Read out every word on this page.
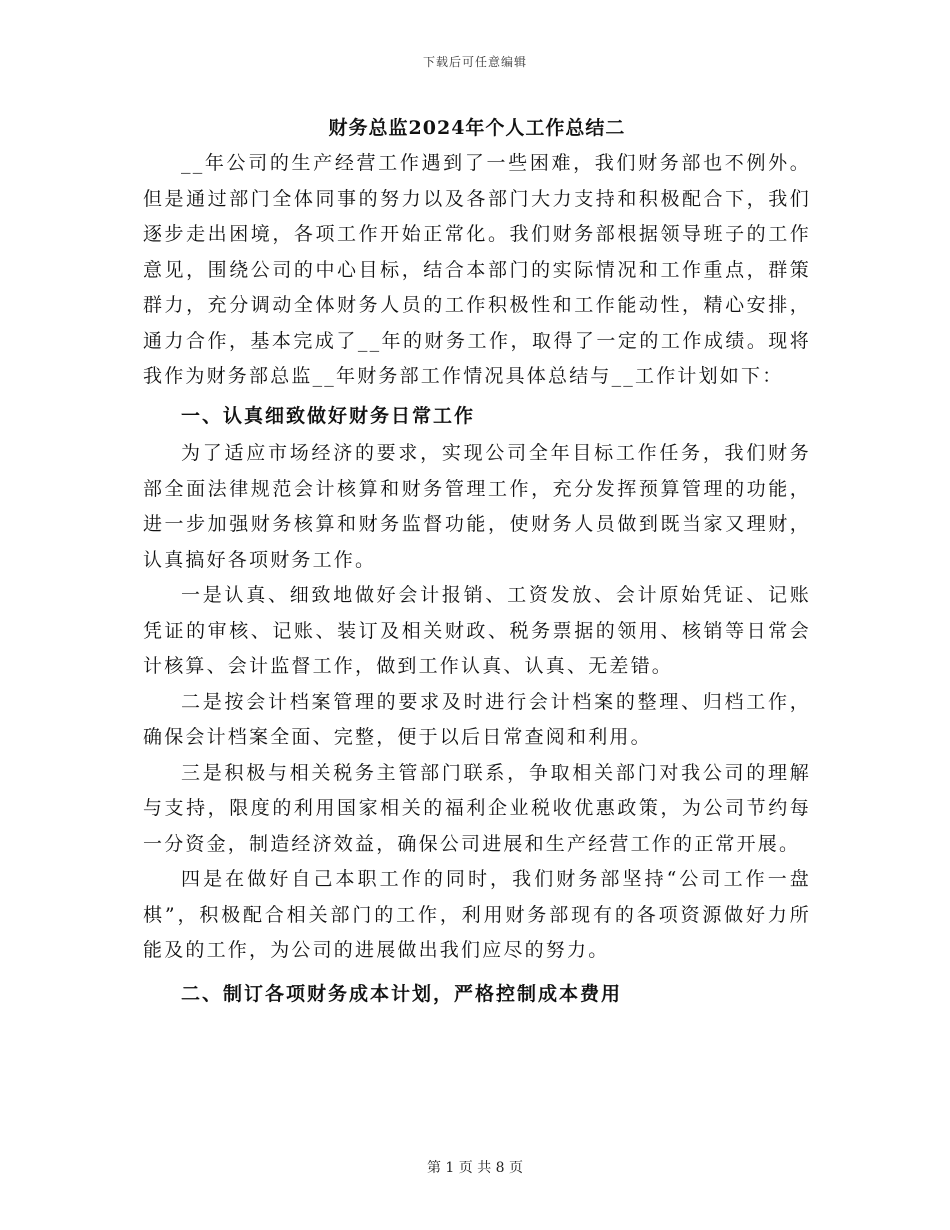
下载后可任意编辑
财务总监2024年个人工作总结二

__年公司的生产经营工作遇到了一些困难，我们财务部也不例外。但是通过部门全体同事的努力以及各部门大力支持和积极配合下，我们逐步走出困境，各项工作开始正常化。我们财务部根据领导班子的工作意见，围绕公司的中心目标，结合本部门的实际情况和工作重点，群策群力，充分调动全体财务人员的工作积极性和工作能动性，精心安排，通力合作，基本完成了__年的财务工作，取得了一定的工作成绩。现将我作为财务部总监__年财务部工作情况具体总结与__工作计划如下：

一、认真细致做好财务日常工作

为了适应市场经济的要求，实现公司全年目标工作任务，我们财务部全面法律规范会计核算和财务管理工作，充分发挥预算管理的功能，进一步加强财务核算和财务监督功能，使财务人员做到既当家又理财，认真搞好各项财务工作。

一是认真、细致地做好会计报销、工资发放、会计原始凭证、记账凭证的审核、记账、装订及相关财政、税务票据的领用、核销等日常会计核算、会计监督工作，做到工作认真、认真、无差错。

二是按会计档案管理的要求及时进行会计档案的整理、归档工作，确保会计档案全面、完整，便于以后日常查阅和利用。

三是积极与相关税务主管部门联系，争取相关部门对我公司的理解与支持，限度的利用国家相关的福利企业税收优惠政策，为公司节约每一分资金，制造经济效益，确保公司进展和生产经营工作的正常开展。

四是在做好自己本职工作的同时，我们财务部坚持“公司工作一盘棋”，积极配合相关部门的工作，利用财务部现有的各项资源做好力所能及的工作，为公司的进展做出我们应尽的努力。

二、制订各项财务成本计划，严格控制成本费用
第 1 页 共 8 页
